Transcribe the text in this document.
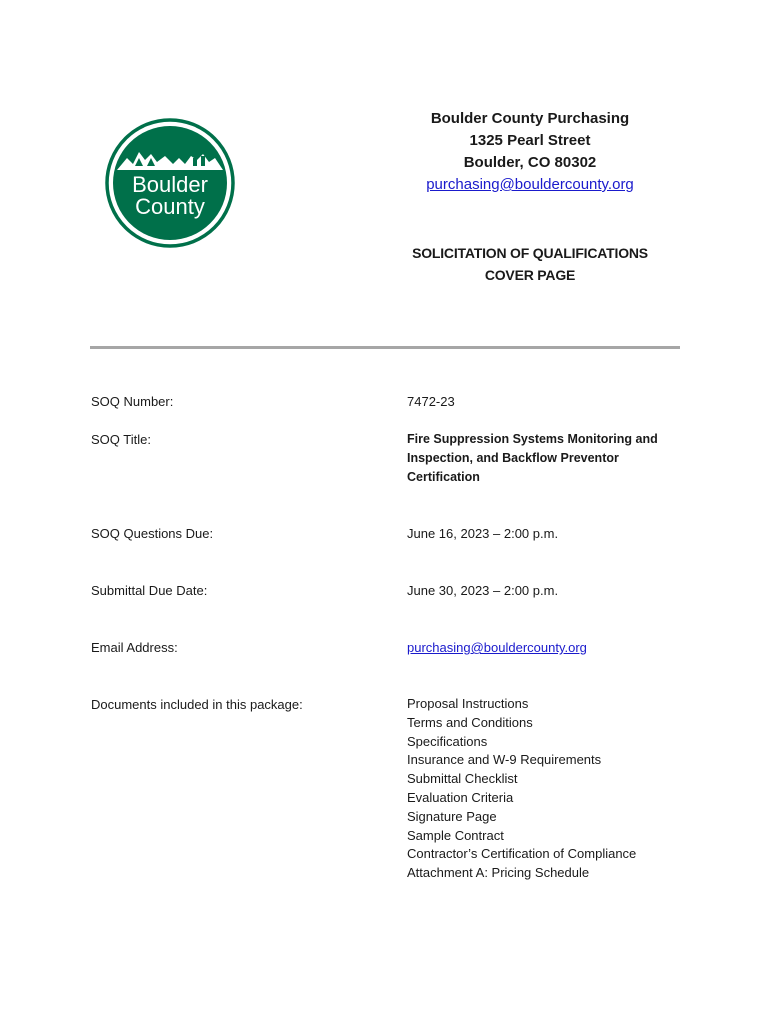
Boulder
County
Boulder County Purchasing
1325 Pearl Street
Boulder, CO 80302
purchasing@bouldercounty.org
SOLICITATION OF QUALIFICATIONS
COVER PAGE
SOQ Number:	7472-23
SOQ Title:	Fire Suppression Systems Monitoring and
Inspection, and Backflow Preventor
Certification
SOQ Questions Due:	June 16, 2023 – 2:00 p.m.
Submittal Due Date:	June 30, 2023 – 2:00 p.m.
Email Address:	purchasing@bouldercounty.org
Documents included in this package:	Proposal Instructions
Terms and Conditions
Specifications
Insurance and W-9 Requirements
Submittal Checklist
Evaluation Criteria
Signature Page
Sample Contract
Contractor’s Certification of Compliance
Attachment A: Pricing Schedule
